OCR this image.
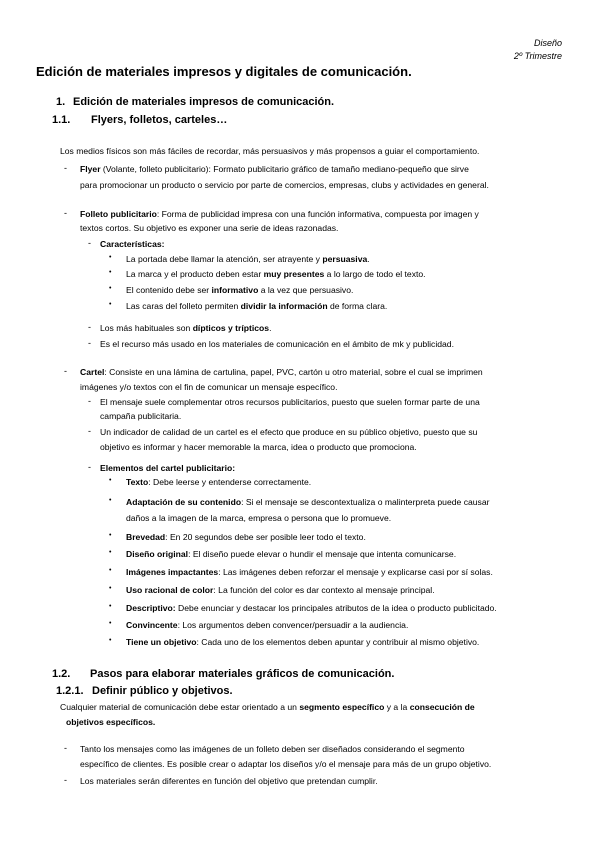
Diseño
2º Trimestre
Edición de materiales impresos y digitales de comunicación.
1. Edición de materiales impresos de comunicación.
1.1. Flyers, folletos, carteles…
Los medios físicos son más fáciles de recordar, más persuasivos y más propensos a guiar el comportamiento.
- Flyer (Volante, folleto publicitario): Formato publicitario gráfico de tamaño mediano-pequeño que sirve
para promocionar un producto o servicio por parte de comercios, empresas, clubs y actividades en general.
- Folleto publicitario: Forma de publicidad impresa con una función informativa, compuesta por imagen y
textos cortos. Su objetivo es exponer una serie de ideas razonadas.
- Características:
• La portada debe llamar la atención, ser atrayente y persuasiva.
• La marca y el producto deben estar muy presentes a lo largo de todo el texto.
• El contenido debe ser informativo a la vez que persuasivo.
• Las caras del folleto permiten dividir la información de forma clara.
- Los más habituales son dípticos y trípticos.
- Es el recurso más usado en los materiales de comunicación en el ámbito de mk y publicidad.
- Cartel: Consiste en una lámina de cartulina, papel, PVC, cartón u otro material, sobre el cual se imprimen
imágenes y/o textos con el fin de comunicar un mensaje específico.
- El mensaje suele complementar otros recursos publicitarios, puesto que suelen formar parte de una
campaña publicitaria.
- Un indicador de calidad de un cartel es el efecto que produce en su público objetivo, puesto que su
objetivo es informar y hacer memorable la marca, idea o producto que promociona.
- Elementos del cartel publicitario:
• Texto: Debe leerse y entenderse correctamente.
• Adaptación de su contenido: Si el mensaje se descontextualiza o malinterpreta puede causar
daños a la imagen de la marca, empresa o persona que lo promueve.
• Brevedad: En 20 segundos debe ser posible leer todo el texto.
• Diseño original: El diseño puede elevar o hundir el mensaje que intenta comunicarse.
• Imágenes impactantes: Las imágenes deben reforzar el mensaje y explicarse casi por sí solas.
• Uso racional de color: La función del color es dar contexto al mensaje principal.
• Descriptivo: Debe enunciar y destacar los principales atributos de la idea o producto publicitado.
• Convincente: Los argumentos deben convencer/persuadir a la audiencia.
• Tiene un objetivo: Cada uno de los elementos deben apuntar y contribuir al mismo objetivo.
1.2. Pasos para elaborar materiales gráficos de comunicación.
1.2.1. Definir público y objetivos.
Cualquier material de comunicación debe estar orientado a un segmento específico y a la consecución de
objetivos específicos.
- Tanto los mensajes como las imágenes de un folleto deben ser diseñados considerando el segmento
específico de clientes. Es posible crear o adaptar los diseños y/o el mensaje para más de un grupo objetivo.
- Los materiales serán diferentes en función del objetivo que pretendan cumplir.
